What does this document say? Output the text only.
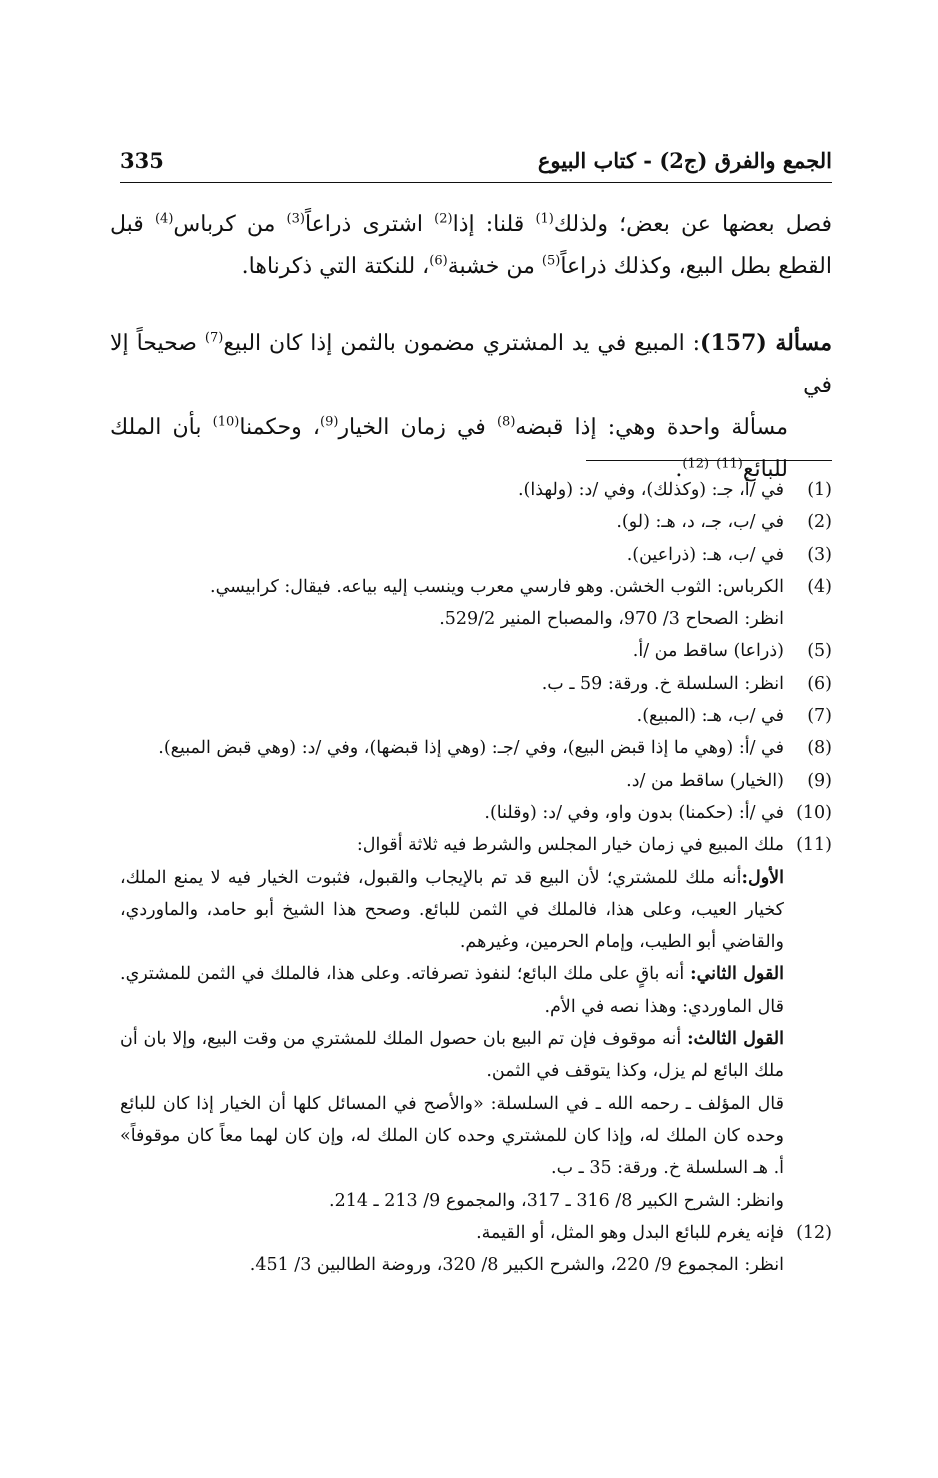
الجمع والفرق (ج2) - كتاب البيوع
335
فصل بعضها عن بعض؛ ولذلك$^{(1)}$ قلنا: إذا$^{(2)}$ اشترى ذراعاً$^{(3)}$ من كرباس$^{(4)}$ قبل القطع بطل البيع، وكذلك ذراعاً$^{(5)}$ من خشبة$^{(6)}$، للنكتة التي ذكرناها.
مسألة (157): المبيع في يد المشتري مضمون بالثمن إذا كان البيع$^{(7)}$ صحيحاً إلا في
مسألة واحدة وهي: إذا قبضه$^{(8)}$ في زمان الخيار$^{(9)}$، وحكمنا$^{(10)}$ بأن الملك للبائع$^{(11)}$ $^{(12)}$.
(1)
في /أ، جـ: (وكذلك)، وفي /د: (ولهذا).
(2)
في /ب، جـ، د، هـ: (لو).
(3)
في /ب، هـ: (ذراعين).
(4)
الكرباس: الثوب الخشن. وهو فارسي معرب وينسب إليه بياعه. فيقال: كرابيسي.
انظر: الصحاح 3/ 970، والمصباح المنير 529/2.
(5)
(ذراعا) ساقط من /أ.
(6)
انظر: السلسلة خ. ورقة: 59 ـ ب.
(7)
في /ب، هـ: (المبيع).
(8)
في /أ: (وهي ما إذا قبض البيع)، وفي /جـ: (وهي إذا قبضها)، وفي /د: (وهي قبض المبيع).
(9)
(الخيار) ساقط من /د.
(10)
في /أ: (حكمنا) بدون واو، وفي /د: (وقلنا).
(11)
ملك المبيع في زمان خيار المجلس والشرط فيه ثلاثة أقوال:
الأول:أنه ملك للمشتري؛ لأن البيع قد تم بالإيجاب والقبول، فثبوت الخيار فيه لا يمنع الملك، كخيار العيب، وعلى هذا، فالملك في الثمن للبائع. وصحح هذا الشيخ أبو حامد، والماوردي، والقاضي أبو الطيب، وإمام الحرمين، وغيرهم.
القول الثاني: أنه باقٍ على ملك البائع؛ لنفوذ تصرفاته. وعلى هذا، فالملك في الثمن للمشتري. قال الماوردي: وهذا نصه في الأم.
القول الثالث: أنه موقوف فإن تم البيع بان حصول الملك للمشتري من وقت البيع، وإلا بان أن ملك البائع لم يزل، وكذا يتوقف في الثمن.
قال المؤلف ـ رحمه الله ـ في السلسلة: «والأصح في المسائل كلها أن الخيار إذا كان للبائع وحده كان الملك له، وإذا كان للمشتري وحده كان الملك له، وإن كان لهما معاً كان موقوفاً» أ. هـ السلسلة خ. ورقة: 35 ـ ب.
وانظر: الشرح الكبير 8/ 316 ـ 317، والمجموع 9/ 213 ـ 214.
(12)
فإنه يغرم للبائع البدل وهو المثل، أو القيمة.
انظر: المجموع 9/ 220، والشرح الكبير 8/ 320، وروضة الطالبين 3/ 451.
